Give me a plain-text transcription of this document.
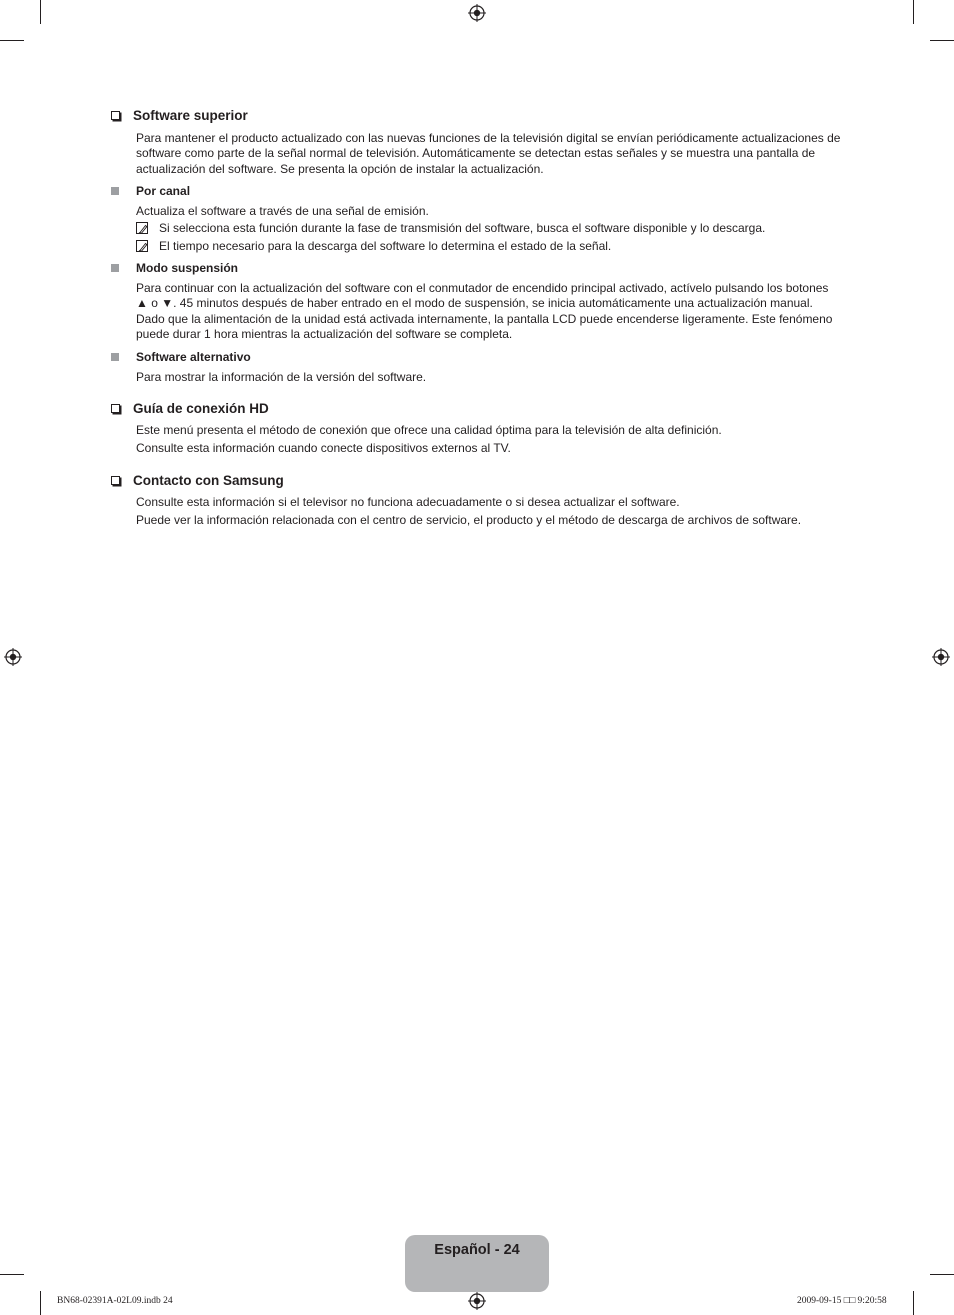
Software superior

Para mantener el producto actualizado con las nuevas funciones de la televisión digital se envían periódicamente actualizaciones de software como parte de la señal normal de televisión. Automáticamente se detectan estas señales y se muestra una pantalla de actualización del software. Se presenta la opción de instalar la actualización.

Por canal
Actualiza el software a través de una señal de emisión.
Si selecciona esta función durante la fase de transmisión del software, busca el software disponible y lo descarga.
El tiempo necesario para la descarga del software lo determina el estado de la señal.
Modo suspensión

Para continuar con la actualización del software con el conmutador de encendido principal activado, actívelo pulsando los botones ▲ o ▼. 45 minutos después de haber entrado en el modo de suspensión, se inicia automáticamente una actualización manual. Dado que la alimentación de la unidad está activada internamente, la pantalla LCD puede encenderse ligeramente. Este fenómeno puede durar 1 hora mientras la actualización del software se completa.

Software alternativo
Para mostrar la información de la versión del software.
Guía de conexión HD
Este menú presenta el método de conexión que ofrece una calidad óptima para la televisión de alta definición.
Consulte esta información cuando conecte dispositivos externos al TV.
Contacto con Samsung
Consulte esta información si el televisor no funciona adecuadamente o si desea actualizar el software.
Puede ver la información relacionada con el centro de servicio, el producto y el método de descarga de archivos de software.
Español - 24
BN68-02391A-02L09.indb 24	2009-09-15 □□ 9:20:58
